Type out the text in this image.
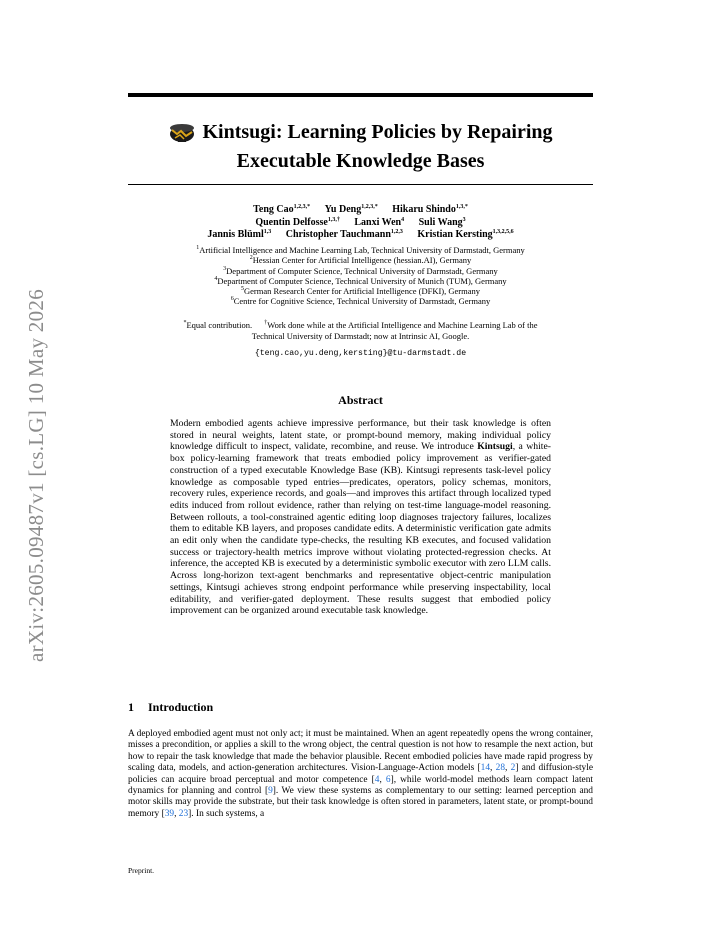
arXiv:2605.09487v1 [cs.LG] 10 May 2026
Kintsugi: Learning Policies by Repairing
Executable Knowledge Bases
Teng Cao$^{1,2,3,*}$ Yu Deng$^{1,2,3,*}$ Hikaru Shindo$^{1,3,*}$
Quentin Delfosse$^{1,3,\dagger}$ Lanxi Wen$^4$ Suli Wang$^3$
Jannis Blüml$^{1,3}$ Christopher Tauchmann$^{1,2,3}$ Kristian Kersting$^{1,3,2,5,6}$
$^1$Artificial Intelligence and Machine Learning Lab, Technical University of Darmstadt, Germany
$^2$Hessian Center for Artificial Intelligence (hessian.AI), Germany
$^3$Department of Computer Science, Technical University of Darmstadt, Germany
$^4$Department of Computer Science, Technical University of Munich (TUM), Germany
$^5$German Research Center for Artificial Intelligence (DFKI), Germany
$^6$Centre for Cognitive Science, Technical University of Darmstadt, Germany
*Equal contribution. †Work done while at the Artificial Intelligence and Machine Learning Lab of the
Technical University of Darmstadt; now at Intrinsic AI, Google.
{teng.cao,yu.deng,kersting}@tu-darmstadt.de
Abstract
Modern embodied agents achieve impressive performance, but their task knowledge is often stored in neural weights, latent state, or prompt-bound memory, making individual policy knowledge difficult to inspect, validate, recombine, and reuse. We introduce Kintsugi, a white-box policy-learning framework that treats embodied policy improvement as verifier-gated construction of a typed executable Knowledge Base (KB). Kintsugi represents task-level policy knowledge as composable typed entries—predicates, operators, policy schemas, monitors, recovery rules, experience records, and goals—and improves this artifact through localized typed edits induced from rollout evidence, rather than relying on test-time language-model reasoning. Between rollouts, a tool-constrained agentic editing loop diagnoses trajectory failures, localizes them to editable KB layers, and proposes candidate edits. A deterministic verification gate admits an edit only when the candidate type-checks, the resulting KB executes, and focused validation success or trajectory-health metrics improve without violating protected-regression checks. At inference, the accepted KB is executed by a deterministic symbolic executor with zero LLM calls. Across long-horizon text-agent benchmarks and representative object-centric manipulation settings, Kintsugi achieves strong endpoint performance while preserving inspectability, local editability, and verifier-gated deployment. These results suggest that embodied policy improvement can be organized around executable task knowledge.
1 Introduction
A deployed embodied agent must not only act; it must be maintained. When an agent repeatedly opens the wrong container, misses a precondition, or applies a skill to the wrong object, the central question is not how to resample the next action, but how to repair the task knowledge that made the behavior plausible. Recent embodied policies have made rapid progress by scaling data, models, and action-generation architectures. Vision-Language-Action models [14, 28, 2] and diffusion-style policies can acquire broad perceptual and motor competence [4, 6], while world-model methods learn compact latent dynamics for planning and control [9]. We view these systems as complementary to our setting: learned perception and motor skills may provide the substrate, but their task knowledge is often stored in parameters, latent state, or prompt-bound memory [39, 23]. In such systems, a
Preprint.
